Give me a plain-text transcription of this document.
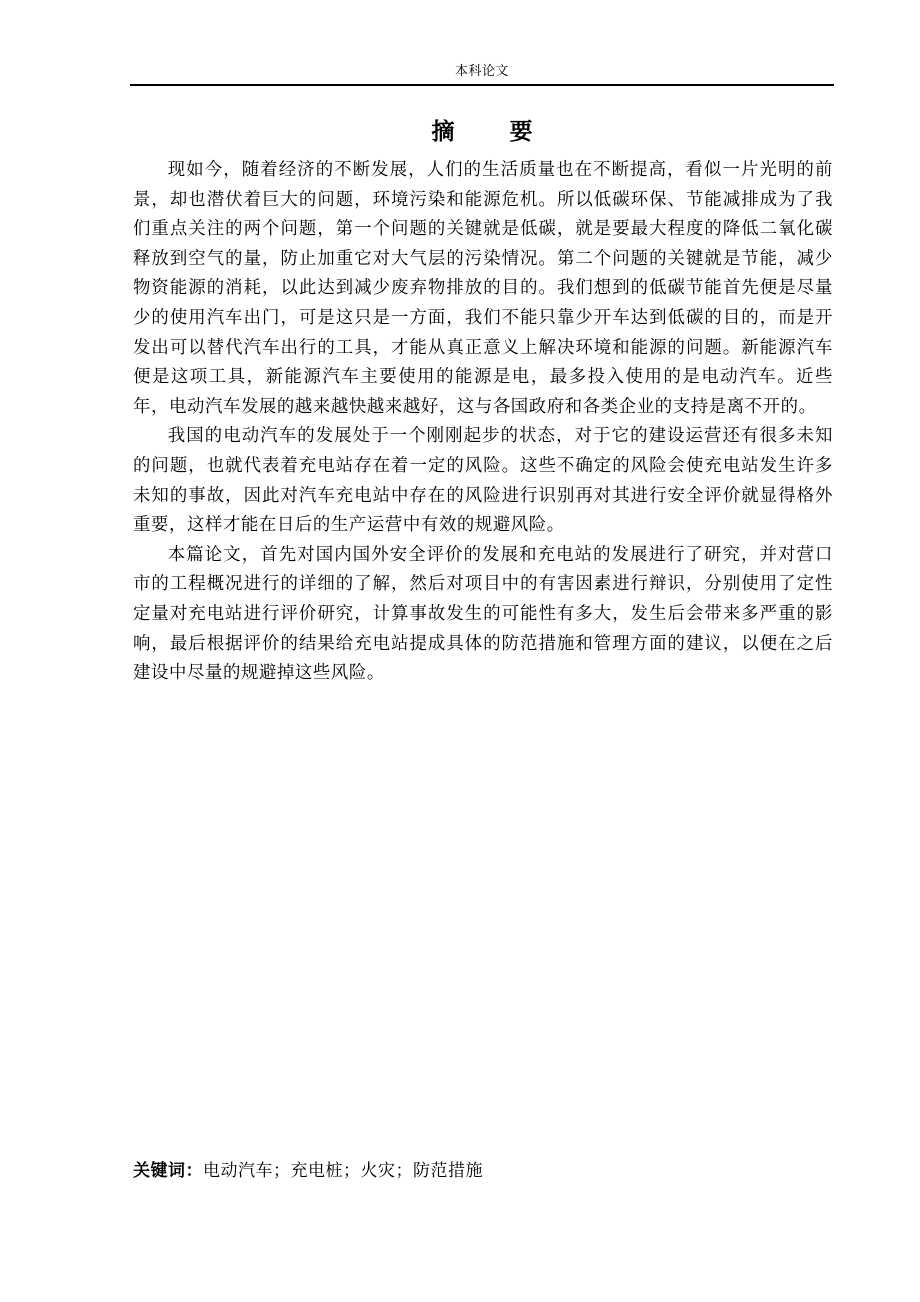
本科论文
摘　要

现如今，随着经济的不断发展，人们的生活质量也在不断提高，看似一片光明的前景，却也潜伏着巨大的问题，环境污染和能源危机。所以低碳环保、节能减排成为了我们重点关注的两个问题，第一个问题的关键就是低碳，就是要最大程度的降低二氧化碳释放到空气的量，防止加重它对大气层的污染情况。第二个问题的关键就是节能，减少物资能源的消耗，以此达到减少废弃物排放的目的。我们想到的低碳节能首先便是尽量少的使用汽车出门，可是这只是一方面，我们不能只靠少开车达到低碳的目的，而是开发出可以替代汽车出行的工具，才能从真正意义上解决环境和能源的问题。新能源汽车便是这项工具，新能源汽车主要使用的能源是电，最多投入使用的是电动汽车。近些年，电动汽车发展的越来越快越来越好，这与各国政府和各类企业的支持是离不开的。

我国的电动汽车的发展处于一个刚刚起步的状态，对于它的建设运营还有很多未知的问题，也就代表着充电站存在着一定的风险。这些不确定的风险会使充电站发生许多未知的事故，因此对汽车充电站中存在的风险进行识别再对其进行安全评价就显得格外重要，这样才能在日后的生产运营中有效的规避风险。

本篇论文，首先对国内国外安全评价的发展和充电站的发展进行了研究，并对营口市的工程概况进行的详细的了解，然后对项目中的有害因素进行辩识，分别使用了定性定量对充电站进行评价研究，计算事故发生的可能性有多大，发生后会带来多严重的影响，最后根据评价的结果给充电站提成具体的防范措施和管理方面的建议，以便在之后建设中尽量的规避掉这些风险。

关键词：电动汽车；充电桩；火灾；防范措施
